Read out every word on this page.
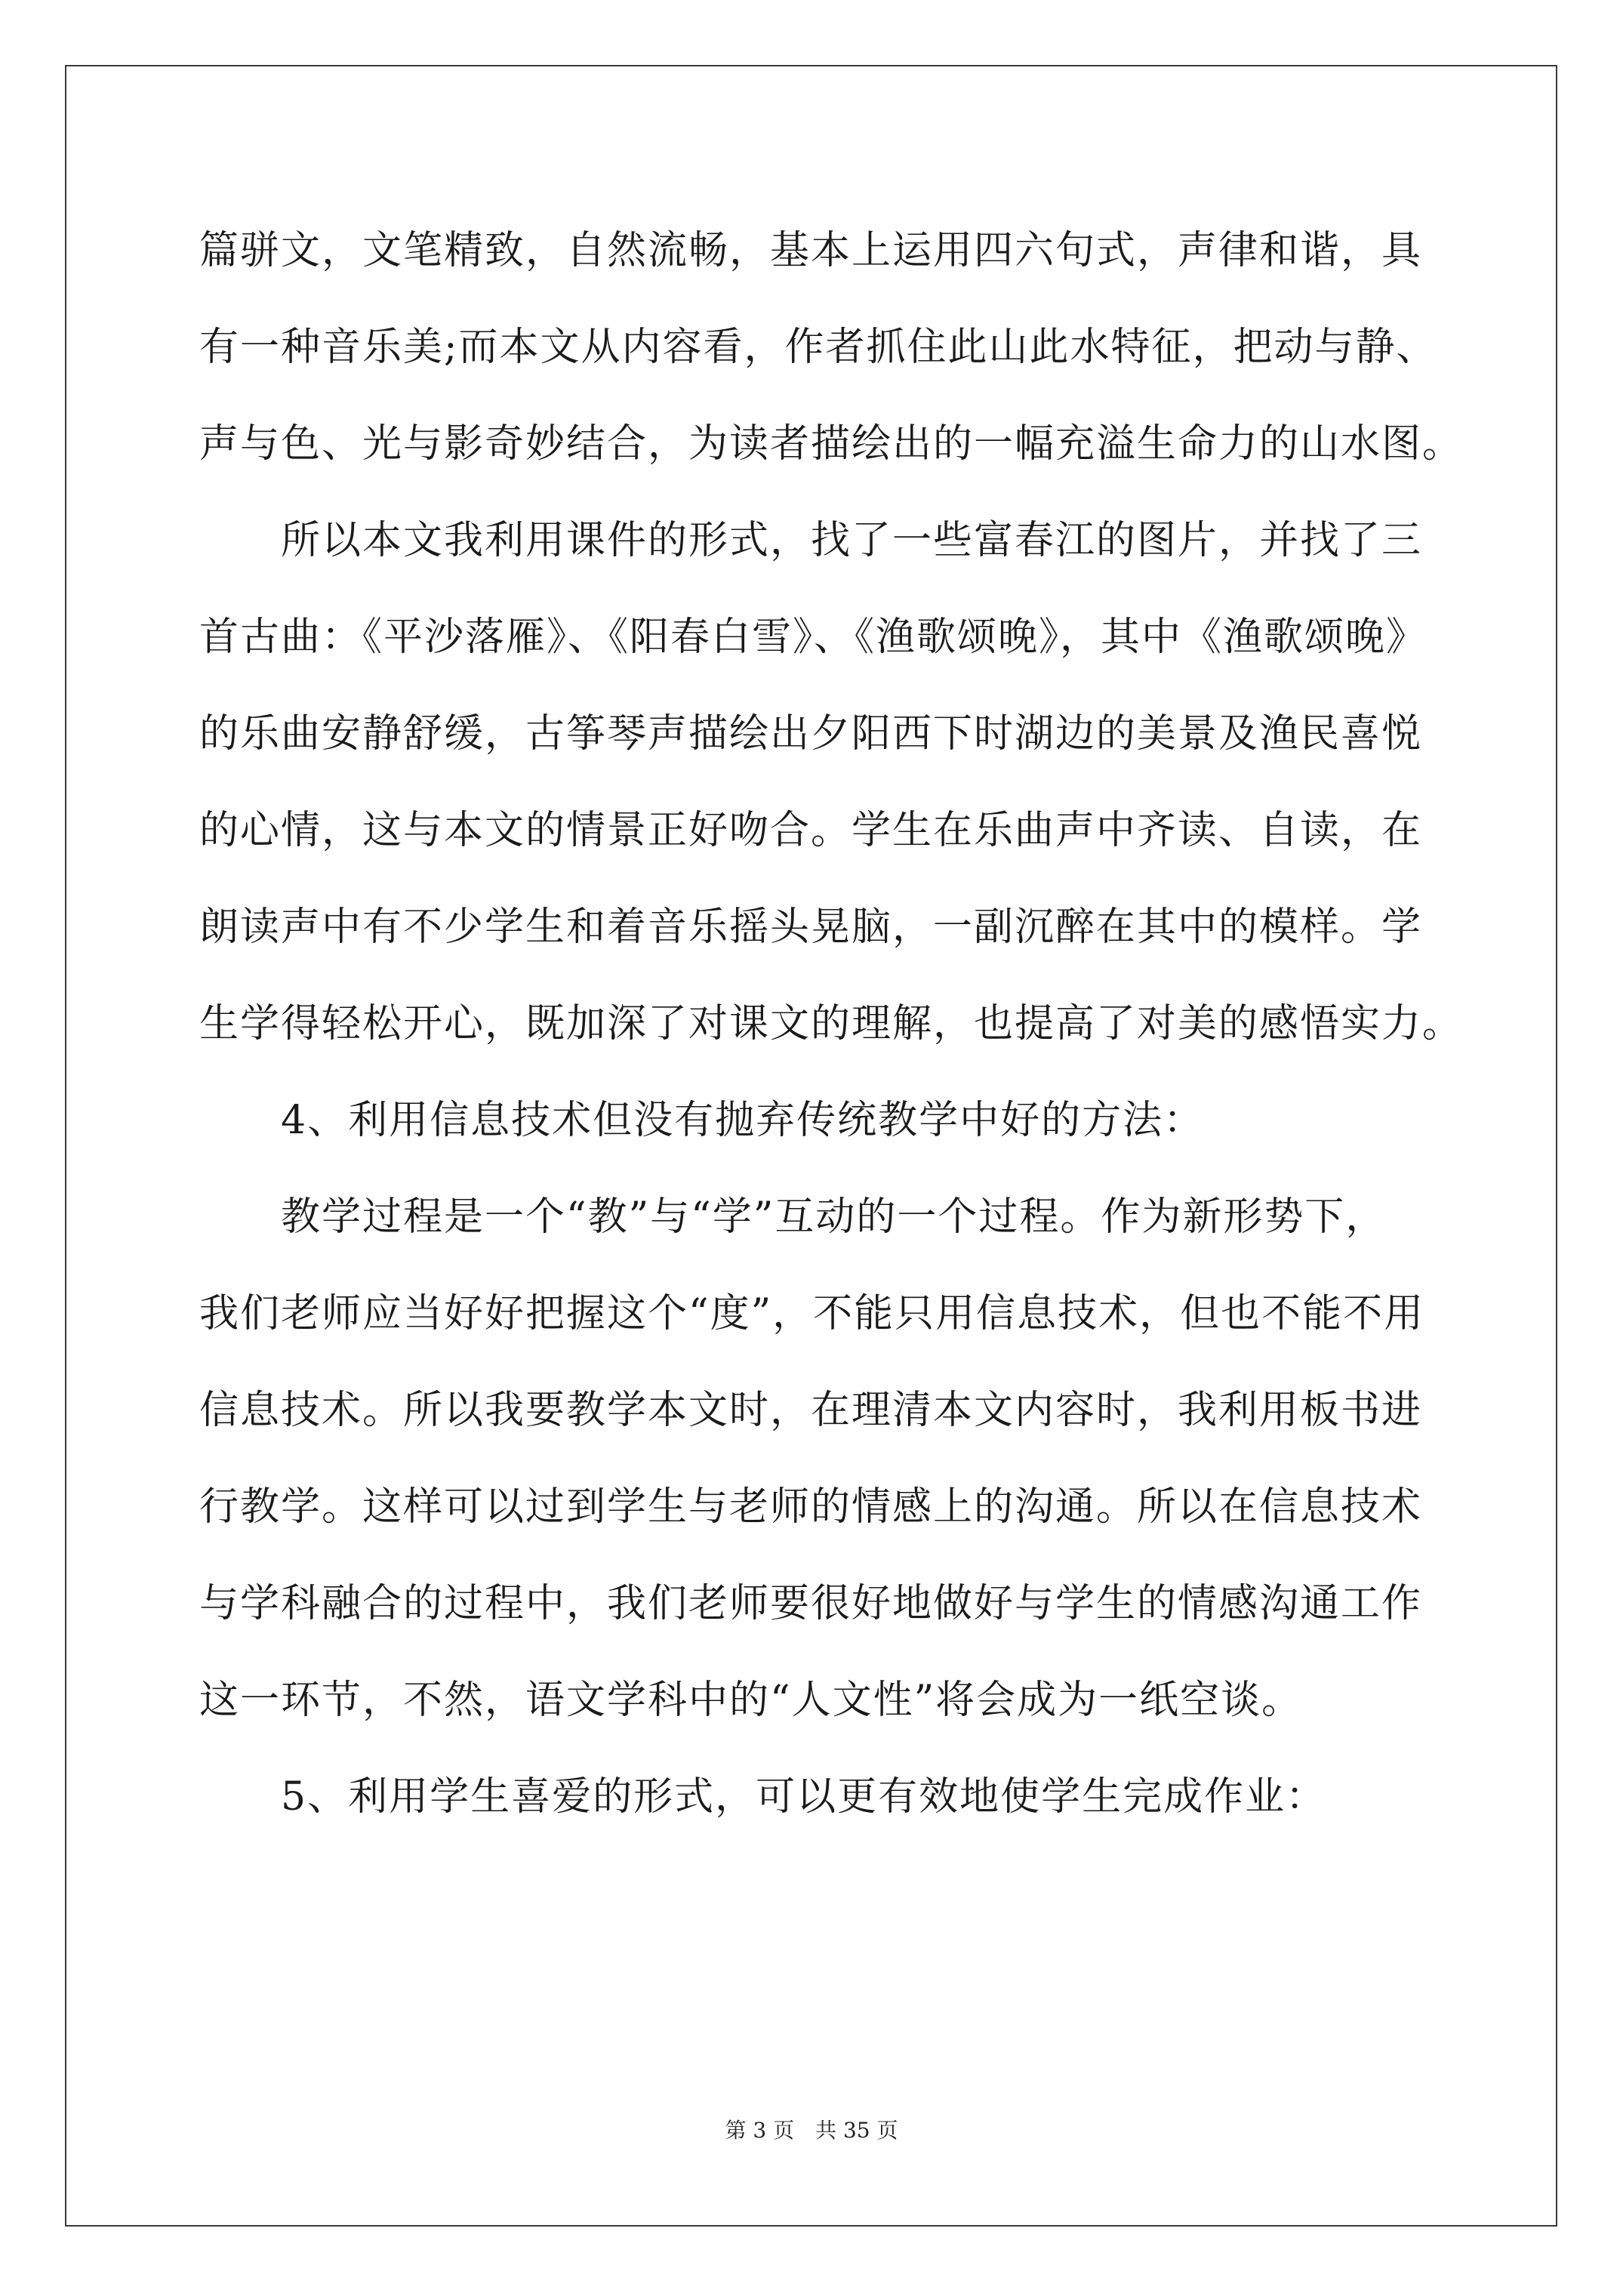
篇骈文，文笔精致，自然流畅，基本上运用四六句式，声律和谐，具
有一种音乐美;而本文从内容看，作者抓住此山此水特征，把动与静、
声与色、光与影奇妙结合，为读者描绘出的一幅充溢生命力的山水图。
所以本文我利用课件的形式，找了一些富春江的图片，并找了三
首古曲：《平沙落雁》、《阳春白雪》、《渔歌颂晚》，其中《渔歌颂晚》
的乐曲安静舒缓，古筝琴声描绘出夕阳西下时湖边的美景及渔民喜悦
的心情，这与本文的情景正好吻合。学生在乐曲声中齐读、自读，在
朗读声中有不少学生和着音乐摇头晃脑，一副沉醉在其中的模样。学
生学得轻松开心，既加深了对课文的理解，也提高了对美的感悟实力。
4、利用信息技术但没有抛弃传统教学中好的方法：
教学过程是一个“教”与“学”互动的一个过程。作为新形势下，
我们老师应当好好把握这个“度”，不能只用信息技术，但也不能不用
信息技术。所以我要教学本文时，在理清本文内容时，我利用板书进
行教学。这样可以过到学生与老师的情感上的沟通。所以在信息技术
与学科融合的过程中，我们老师要很好地做好与学生的情感沟通工作
这一环节，不然，语文学科中的“人文性”将会成为一纸空谈。
5、利用学生喜爱的形式，可以更有效地使学生完成作业：
第 3 页　共 35 页
